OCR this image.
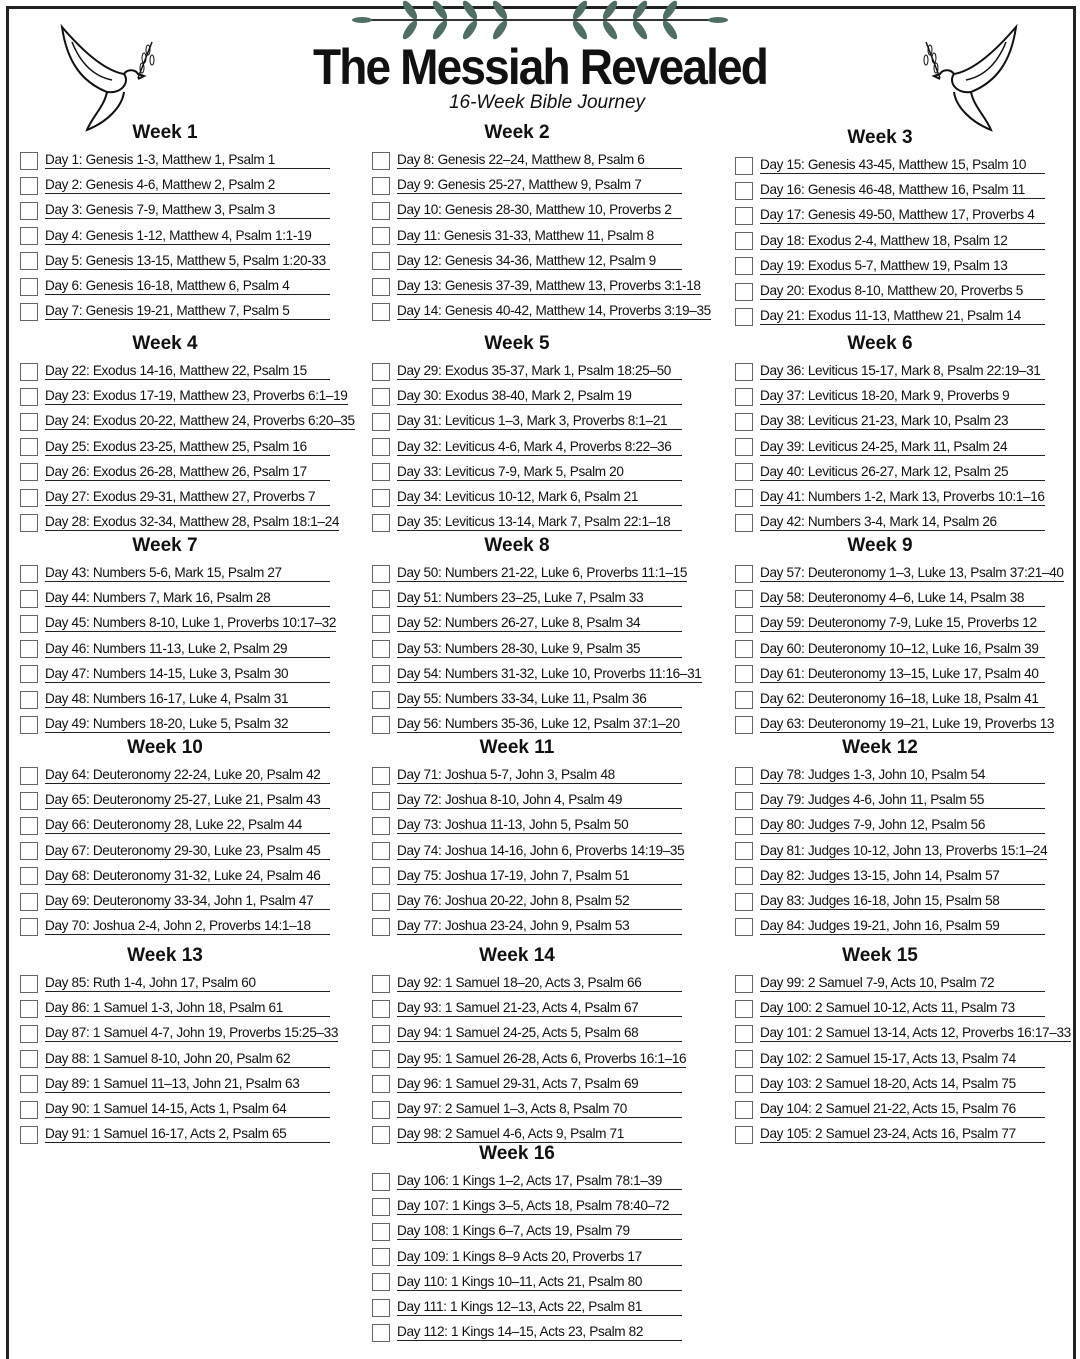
The Messiah Revealed
16-Week Bible Journey
Week 1
Day 1: Genesis 1-3, Matthew 1, Psalm 1
Day 2: Genesis 4-6, Matthew 2, Psalm 2
Day 3: Genesis 7-9, Matthew 3, Psalm 3
Day 4: Genesis 1-12, Matthew 4, Psalm 1:1-19
Day 5: Genesis 13-15, Matthew 5, Psalm 1:20-33
Day 6: Genesis 16-18, Matthew 6, Psalm 4
Day 7: Genesis 19-21, Matthew 7, Psalm 5
Week 2
Day 8: Genesis 22–24, Matthew 8, Psalm 6
Day 9: Genesis 25-27, Matthew 9, Psalm 7
Day 10: Genesis 28-30, Matthew 10, Proverbs 2
Day 11: Genesis 31-33, Matthew 11, Psalm 8
Day 12: Genesis 34-36, Matthew 12, Psalm 9
Day 13: Genesis 37-39, Matthew 13, Proverbs 3:1-18
Day 14: Genesis 40-42, Matthew 14, Proverbs 3:19–35
Week 3
Day 15: Genesis 43-45, Matthew 15, Psalm 10
Day 16: Genesis 46-48, Matthew 16, Psalm 11
Day 17: Genesis 49-50, Matthew 17, Proverbs 4
Day 18: Exodus 2-4, Matthew 18, Psalm 12
Day 19: Exodus 5-7, Matthew 19, Psalm 13
Day 20: Exodus 8-10, Matthew 20, Proverbs 5
Day 21: Exodus 11-13, Matthew 21, Psalm 14
Week 4
Day 22: Exodus 14-16, Matthew 22, Psalm 15
Day 23: Exodus 17-19, Matthew 23, Proverbs 6:1–19
Day 24: Exodus 20-22, Matthew 24, Proverbs 6:20–35
Day 25: Exodus 23-25, Matthew 25, Psalm 16
Day 26: Exodus 26-28, Matthew 26, Psalm 17
Day 27: Exodus 29-31, Matthew 27, Proverbs 7
Day 28: Exodus 32-34, Matthew 28, Psalm 18:1–24
Week 5
Day 29: Exodus 35-37, Mark 1, Psalm 18:25–50
Day 30: Exodus 38-40, Mark 2, Psalm 19
Day 31: Leviticus 1–3, Mark 3, Proverbs 8:1–21
Day 32: Leviticus 4-6, Mark 4, Proverbs 8:22–36
Day 33: Leviticus 7-9, Mark 5, Psalm 20
Day 34: Leviticus 10-12, Mark 6, Psalm 21
Day 35: Leviticus 13-14, Mark 7, Psalm 22:1–18
Week 6
Day 36: Leviticus 15-17, Mark 8, Psalm 22:19–31
Day 37: Leviticus 18-20, Mark 9, Proverbs 9
Day 38: Leviticus 21-23, Mark 10, Psalm 23
Day 39: Leviticus 24-25, Mark 11, Psalm 24
Day 40: Leviticus 26-27, Mark 12, Psalm 25
Day 41: Numbers 1-2, Mark 13, Proverbs 10:1–16
Day 42: Numbers 3-4, Mark 14, Psalm 26
Week 7
Day 43: Numbers 5-6, Mark 15, Psalm 27
Day 44: Numbers 7, Mark 16, Psalm 28
Day 45: Numbers 8-10, Luke 1, Proverbs 10:17–32
Day 46: Numbers 11-13, Luke 2, Psalm 29
Day 47: Numbers 14-15, Luke 3, Psalm 30
Day 48: Numbers 16-17, Luke 4, Psalm 31
Day 49: Numbers 18-20, Luke 5, Psalm 32
Week 8
Day 50: Numbers 21-22, Luke 6, Proverbs 11:1–15
Day 51: Numbers 23–25, Luke 7, Psalm 33
Day 52: Numbers 26-27, Luke 8, Psalm 34
Day 53: Numbers 28-30, Luke 9, Psalm 35
Day 54: Numbers 31-32, Luke 10, Proverbs 11:16–31
Day 55: Numbers 33-34, Luke 11, Psalm 36
Day 56: Numbers 35-36, Luke 12, Psalm 37:1–20
Week 9
Day 57: Deuteronomy 1–3, Luke 13, Psalm 37:21–40
Day 58: Deuteronomy 4–6, Luke 14, Psalm 38
Day 59: Deuteronomy 7-9, Luke 15, Proverbs 12
Day 60: Deuteronomy 10–12, Luke 16, Psalm 39
Day 61: Deuteronomy 13–15, Luke 17, Psalm 40
Day 62: Deuteronomy 16–18, Luke 18, Psalm 41
Day 63: Deuteronomy 19–21, Luke 19, Proverbs 13
Week 10
Day 64: Deuteronomy 22-24, Luke 20, Psalm 42
Day 65: Deuteronomy 25-27, Luke 21, Psalm 43
Day 66: Deuteronomy 28, Luke 22, Psalm 44
Day 67: Deuteronomy 29-30, Luke 23, Psalm 45
Day 68: Deuteronomy 31-32, Luke 24, Psalm 46
Day 69: Deuteronomy 33-34, John 1, Psalm 47
Day 70: Joshua 2-4, John 2, Proverbs 14:1–18
Week 11
Day 71: Joshua 5-7, John 3, Psalm 48
Day 72: Joshua 8-10, John 4, Psalm 49
Day 73: Joshua 11-13, John 5, Psalm 50
Day 74: Joshua 14-16, John 6, Proverbs 14:19–35
Day 75: Joshua 17-19, John 7, Psalm 51
Day 76: Joshua 20-22, John 8, Psalm 52
Day 77: Joshua 23-24, John 9, Psalm 53
Week 12
Day 78: Judges 1-3, John 10, Psalm 54
Day 79: Judges 4-6, John 11, Psalm 55
Day 80: Judges 7-9, John 12, Psalm 56
Day 81: Judges 10-12, John 13, Proverbs 15:1–24
Day 82: Judges 13-15, John 14, Psalm 57
Day 83: Judges 16-18, John 15, Psalm 58
Day 84: Judges 19-21, John 16, Psalm 59
Week 13
Day 85: Ruth 1-4, John 17, Psalm 60
Day 86: 1 Samuel 1-3, John 18, Psalm 61
Day 87: 1 Samuel 4-7, John 19, Proverbs 15:25–33
Day 88: 1 Samuel 8-10, John 20, Psalm 62
Day 89: 1 Samuel 11–13, John 21, Psalm 63
Day 90: 1 Samuel 14-15, Acts 1, Psalm 64
Day 91: 1 Samuel 16-17, Acts 2, Psalm 65
Week 14
Day 92: 1 Samuel 18–20, Acts 3, Psalm 66
Day 93: 1 Samuel 21-23, Acts 4, Psalm 67
Day 94: 1 Samuel 24-25, Acts 5, Psalm 68
Day 95: 1 Samuel 26-28, Acts 6, Proverbs 16:1–16
Day 96: 1 Samuel 29-31, Acts 7, Psalm 69
Day 97: 2 Samuel 1–3, Acts 8, Psalm 70
Day 98: 2 Samuel 4-6, Acts 9, Psalm 71
Week 15
Day 99: 2 Samuel 7-9, Acts 10, Psalm 72
Day 100: 2 Samuel 10-12, Acts 11, Psalm 73
Day 101: 2 Samuel 13-14, Acts 12, Proverbs 16:17–33
Day 102: 2 Samuel 15-17, Acts 13, Psalm 74
Day 103: 2 Samuel 18-20, Acts 14, Psalm 75
Day 104: 2 Samuel 21-22, Acts 15, Psalm 76
Day 105: 2 Samuel 23-24, Acts 16, Psalm 77
Week 16
Day 106: 1 Kings 1–2, Acts 17, Psalm 78:1–39
Day 107: 1 Kings 3–5, Acts 18, Psalm 78:40–72
Day 108: 1 Kings 6–7, Acts 19, Psalm 79
Day 109: 1 Kings 8–9 Acts 20, Proverbs 17
Day 110: 1 Kings 10–11, Acts 21, Psalm 80
Day 111: 1 Kings 12–13, Acts 22, Psalm 81
Day 112: 1 Kings 14–15, Acts 23, Psalm 82
